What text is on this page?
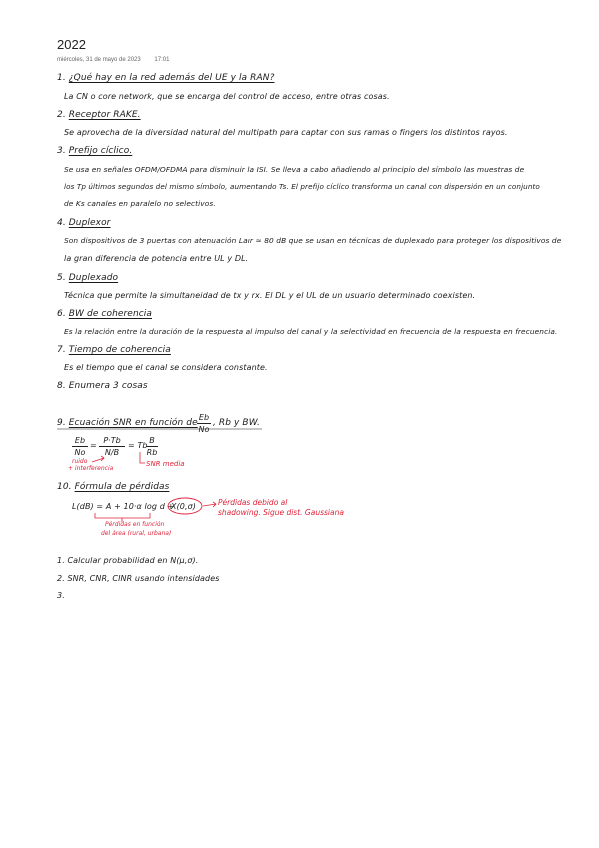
2022
miércoles, 31 de mayo de 2023 17:01
1. ¿Qué hay en la red además del UE y la RAN?
La CN o core network, que se encarga del control de acceso, entre otras cosas.
2. Receptor RAKE.
Se aprovecha de la diversidad natural del multipath para captar con sus ramas o fingers los distintos rayos.
3. Prefijo cíclico.
Se usa en señales OFDM/OFDMA para disminuir la ISI. Se lleva a cabo añadiendo al principio del símbolo las muestras de
los Tp últimos segundos del mismo símbolo, aumentando Ts. El prefijo cíclico transforma un canal con dispersión en un conjunto
de Ks canales en paralelo no selectivos.
4. Duplexor
Son dispositivos de 3 puertas con atenuación Laır ≈ 80 dB que se usan en técnicas de duplexado para proteger los dispositivos de
la gran diferencia de potencia entre UL y DL.
5. Duplexado
Técnica que permite la simultaneidad de tx y rx. El DL y el UL de un usuario determinado coexisten.
6. BW de coherencia
Es la relación entre la duración de la respuesta al impulso del canal y la selectividad en frecuencia de la respuesta en frecuencia.
7. Tiempo de coherencia
Es el tiempo que el canal se considera constante.
8. Enumera 3 cosas
9. Ecuación SNR en función de
Eb
No
, Rb y BW.
Eb
No
=
P·Tb
N/B
= Tb
B
Rb
ruido
+ interferencia
SNR media
10. Fórmula de pérdidas
L(dB) = A + 10·α log d +
X(0,σ)	Pérdidas debido al
shadowing. Sigue dist. Gaussiana
Pérdidas en función
del área (rural, urbana)
1. Calcular probabilidad en N(μ,σ).
2. SNR, CNR, CINR usando intensidades
3.
